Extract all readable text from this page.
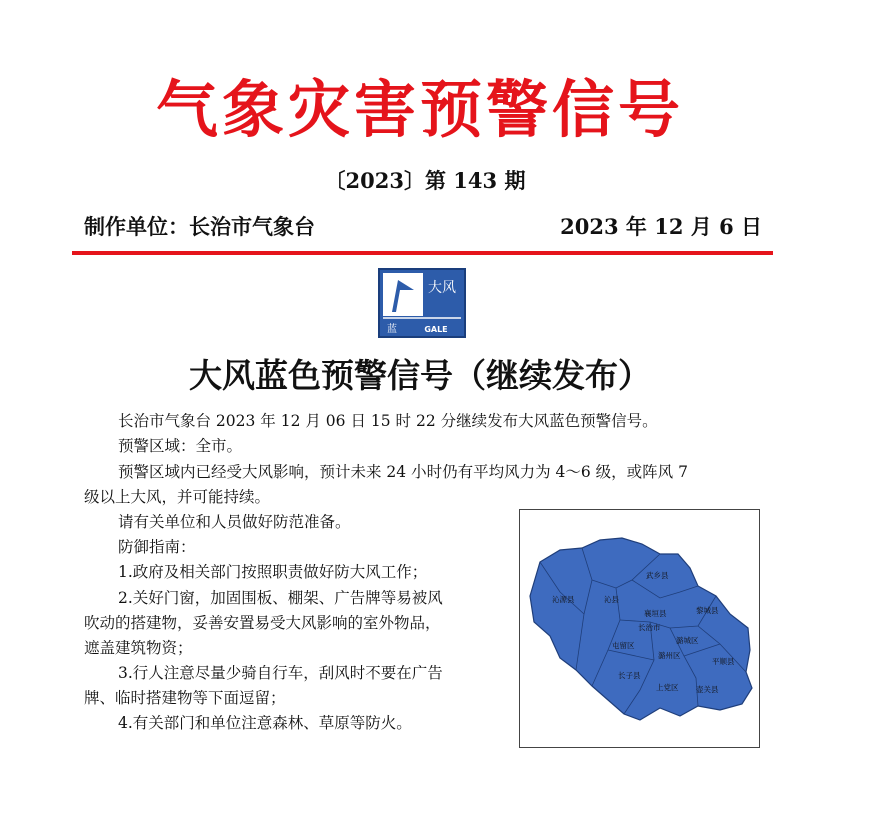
气象灾害预警信号
〔2023〕第 143 期
制作单位：长治市气象台	2023 年 12 月 6 日
大风
蓝	GALE
大风蓝色预警信号（继续发布）

长治市气象台 2023 年 12 月 06 日 15 时 22 分继续发布大风蓝色预警信号。

预警区域：全市。

预警区域内已经受大风影响，预计未来 24 小时仍有平均风力为 4～6 级，或阵风 7

级以上大风，并可能持续。

请有关单位和人员做好防范准备。

防御指南：

1.政府及相关部门按照职责做好防大风工作；

2.关好门窗，加固围板、棚架、广告牌等易被风

吹动的搭建物，妥善安置易受大风影响的室外物品，

遮盖建筑物资；

3.行人注意尽量少骑自行车，刮风时不要在广告

牌、临时搭建物等下面逗留；

4.有关部门和单位注意森林、草原等防火。

武乡县
沁源县	沁县
襄垣县	黎城县
长治市
屯留区
潞城区
潞州区
平顺县
长子县
上党区 壶关县
